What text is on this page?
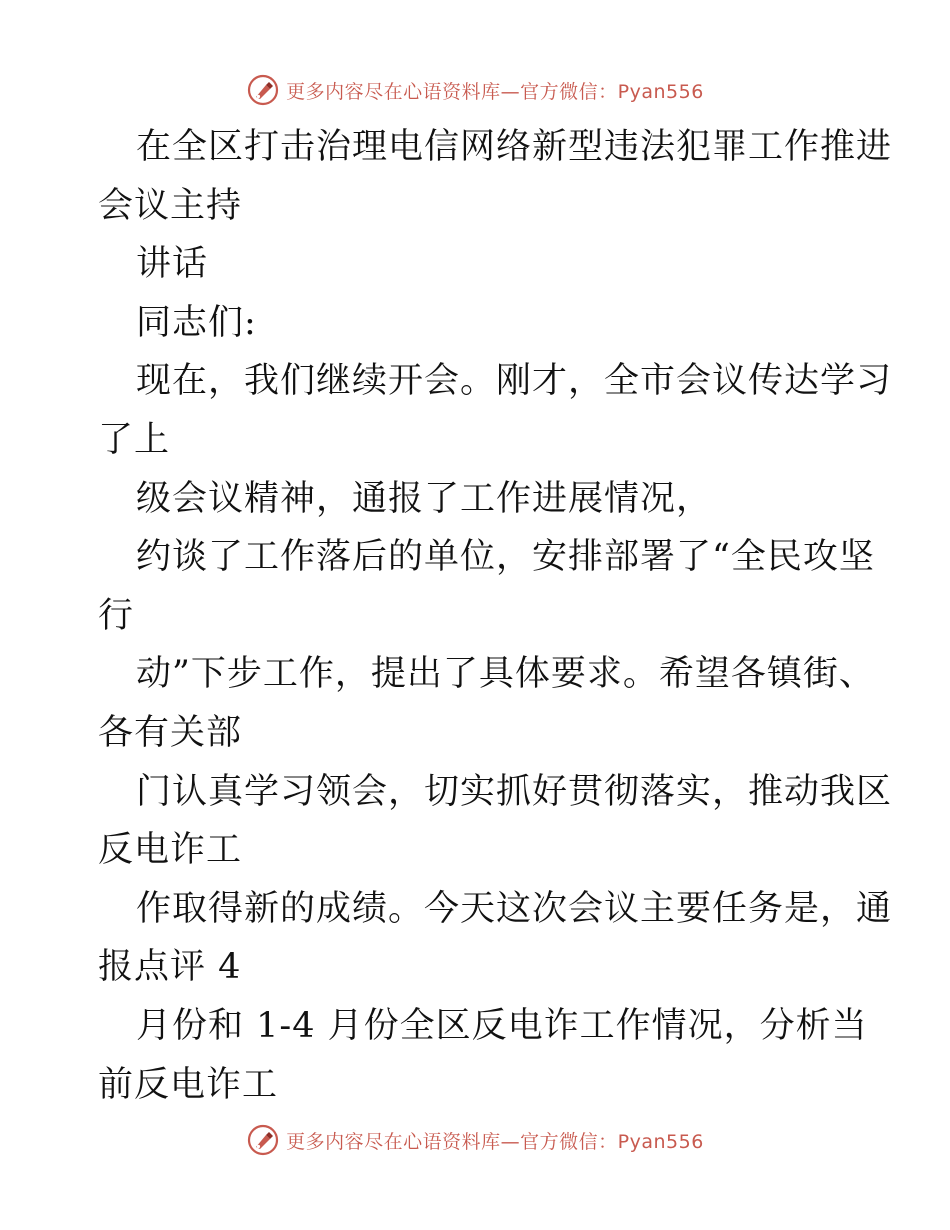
更多内容尽在心语资料库—官方微信：Pyan556
在全区打击治理电信网络新型违法犯罪工作推进
会议主持
讲话
同志们:
现在，我们继续开会。刚才，全市会议传达学习
了上
级会议精神，通报了工作进展情况，
约谈了工作落后的单位，安排部署了“全民攻坚
行
动”下步工作，提出了具体要求。希望各镇街、
各有关部
门认真学习领会，切实抓好贯彻落实，推动我区
反电诈工
作取得新的成绩。今天这次会议主要任务是，通
报点评 4
月份和 1-4 月份全区反电诈工作情况，分析当
前反电诈工
更多内容尽在心语资料库—官方微信：Pyan556
